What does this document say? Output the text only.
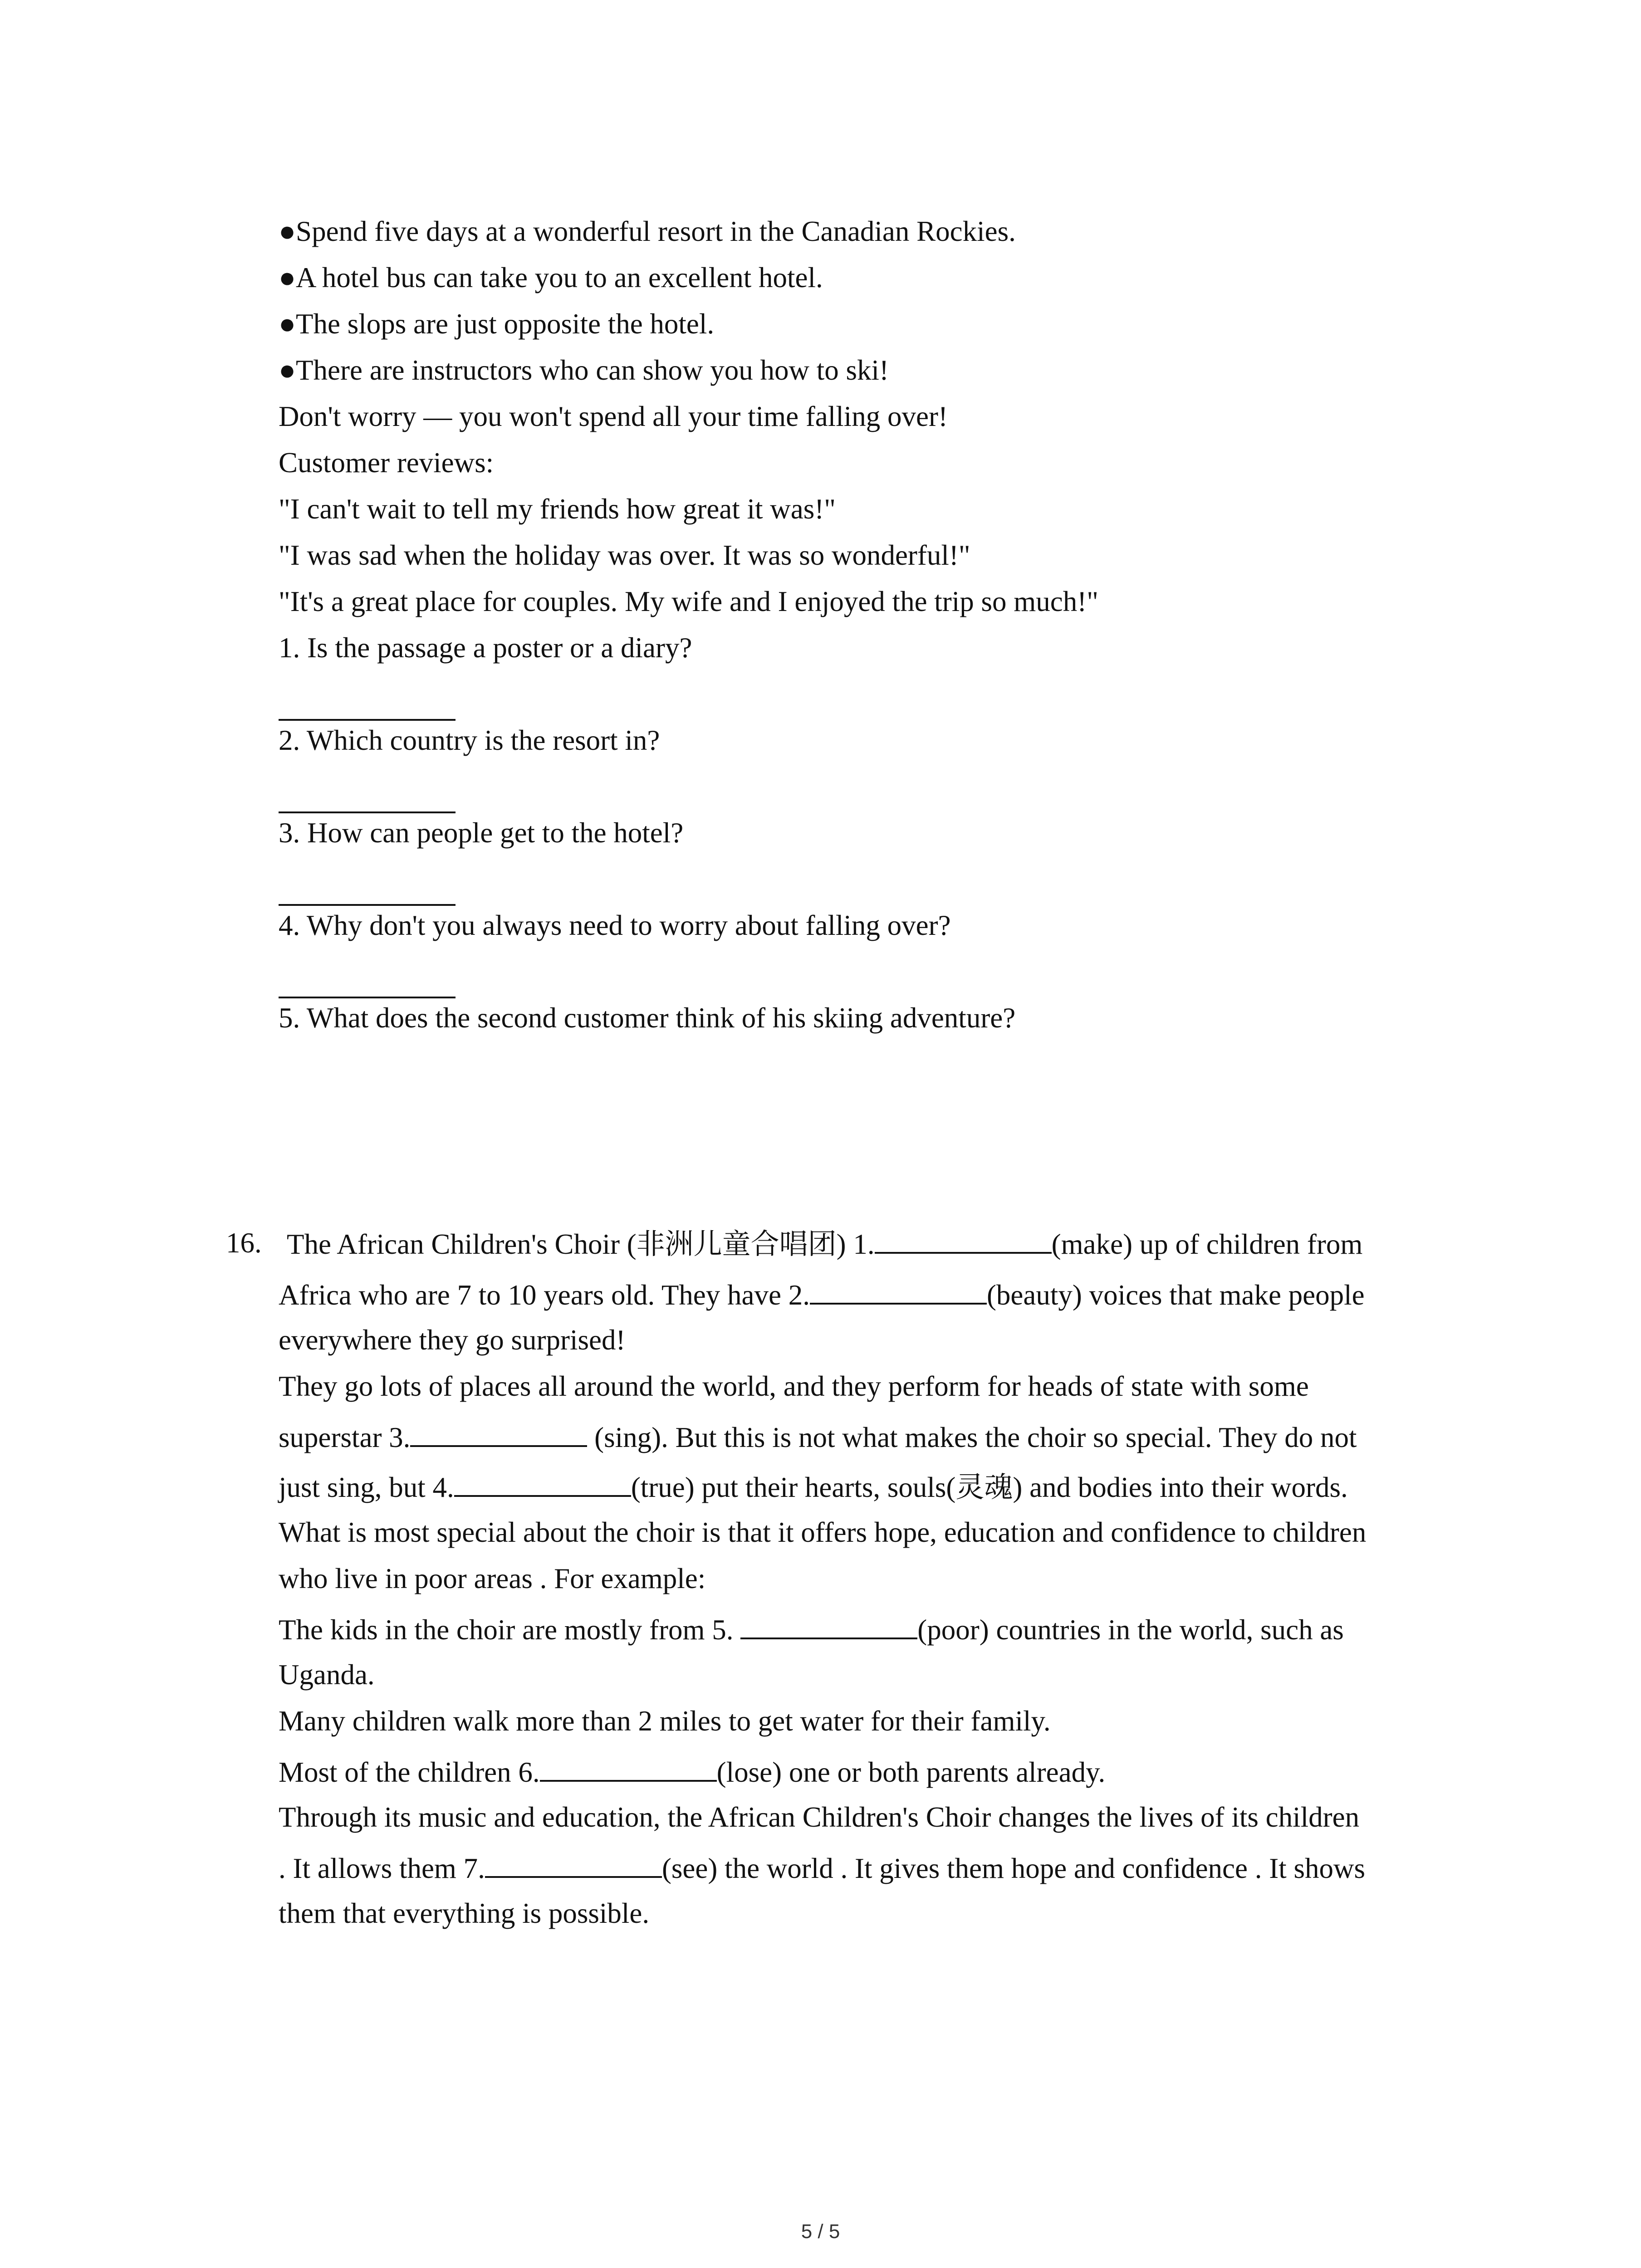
●Spend five days at a wonderful resort in the Canadian Rockies.
●A hotel bus can take you to an excellent hotel.
●The slops are just opposite the hotel.
●There are instructors who can show you how to ski!
Don't worry — you won't spend all your time falling over!
Customer reviews:
"I can't wait to tell my friends how great it was!"
"I was sad when the holiday was over. It was so wonderful!"
"It's a great place for couples. My wife and I enjoyed the trip so much!"
1. Is the passage a poster or a diary?
2. Which country is the resort in?
3. How can people get to the hotel?
4. Why don't you always need to worry about falling over?
5. What does the second customer think of his skiing adventure?
16. The African Children's Choir (非洲儿童合唱团) 1.	(make) up of children from
Africa who are 7 to 10 years old. They have 2.	(beauty) voices that make people
everywhere they go surprised!
They go lots of places all around the world, and they perform for heads of state with some
superstar 3.	(sing). But this is not what makes the choir so special. They do not
just sing, but 4.	(true) put their hearts, souls(灵魂) and bodies into their words.
What is most special about the choir is that it offers hope, education and confidence to children
who live in poor areas . For example:
The kids in the choir are mostly from 5.	(poor) countries in the world, such as
Uganda.
Many children walk more than 2 miles to get water for their family.
Most of the children 6.	(lose) one or both parents already.
Through its music and education, the African Children's Choir changes the lives of its children
. It allows them 7.	(see) the world . It gives them hope and confidence . It shows
them that everything is possible.
5 / 5
